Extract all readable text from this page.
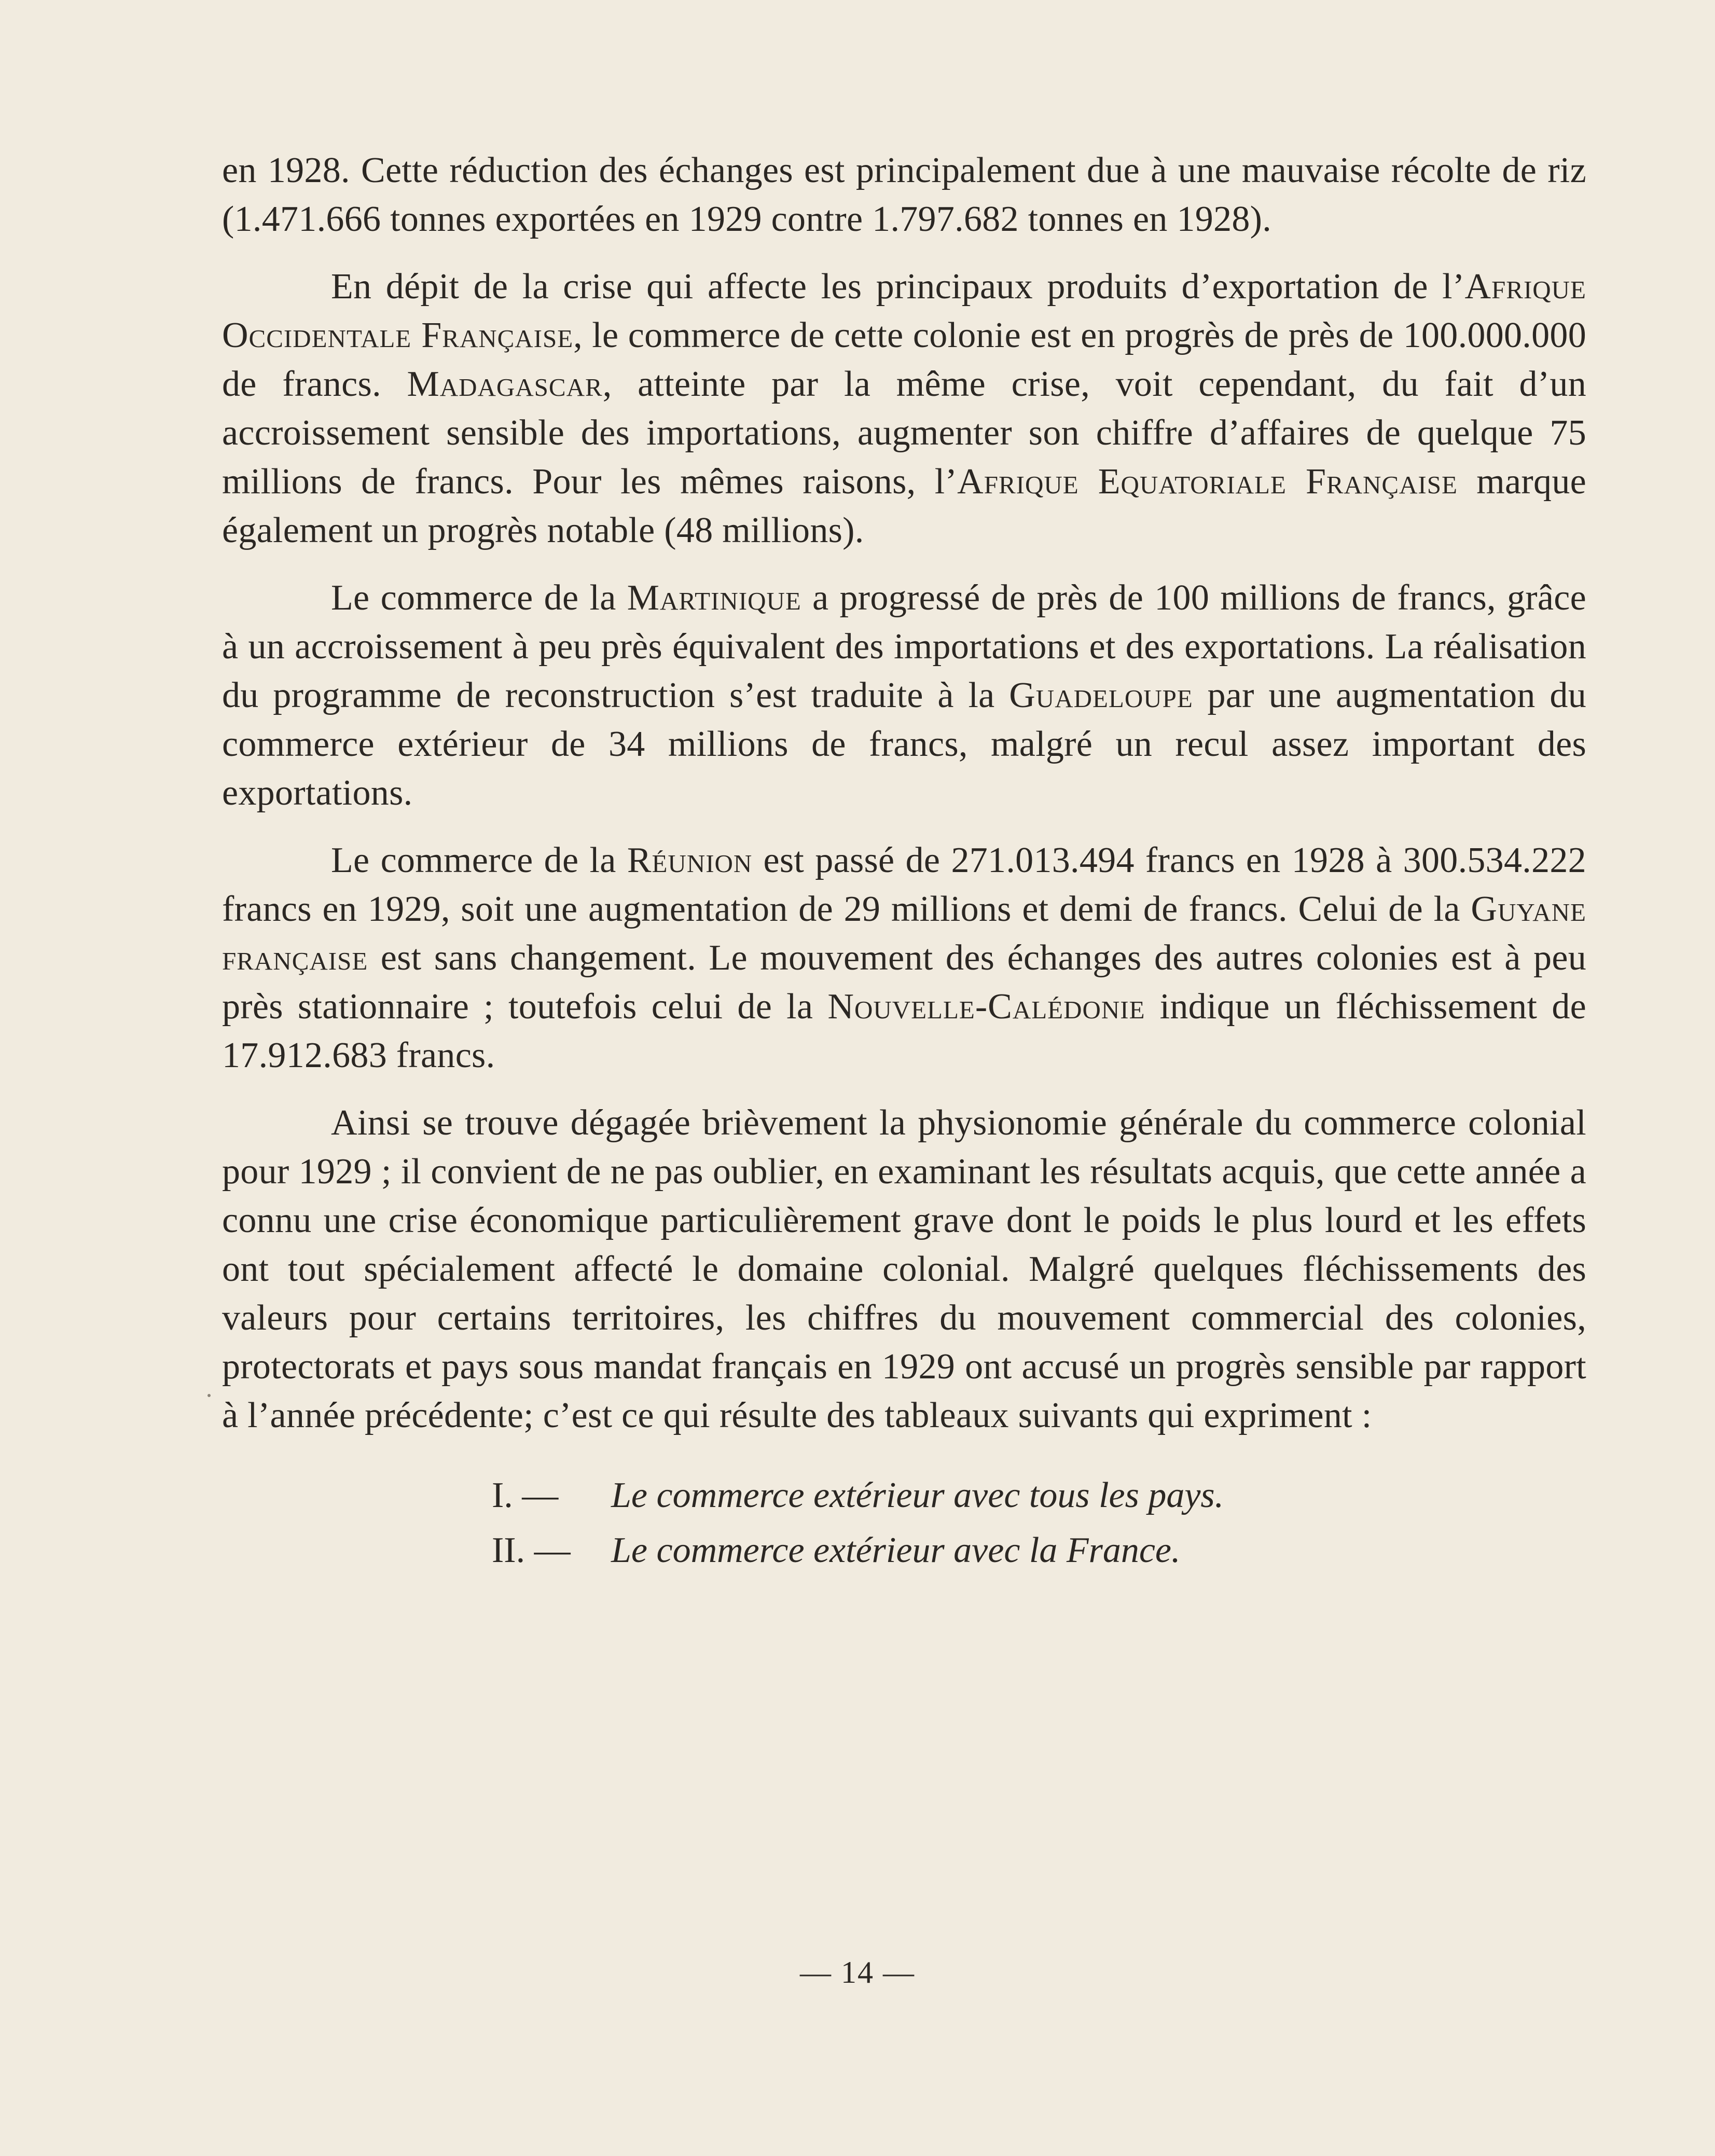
en 1928. Cette réduction des échanges est principalement due à une mauvaise récolte de riz (1.471.666 tonnes exportées en 1929 contre 1.797.682 tonnes en 1928).

En dépit de la crise qui affecte les principaux produits d’exportation de l’Afrique Occidentale Française, le commerce de cette colonie est en progrès de près de 100.000.000 de francs. Madagascar, atteinte par la même crise, voit cependant, du fait d’un accroissement sensible des importations, augmenter son chiffre d’affaires de quelque 75 millions de francs. Pour les mêmes raisons, l’Afrique Equatoriale Française marque également un progrès notable (48 millions).

Le commerce de la Martinique a progressé de près de 100 millions de francs, grâce à un accroissement à peu près équivalent des importations et des exportations. La réalisation du programme de reconstruction s’est traduite à la Guadeloupe par une augmentation du commerce extérieur de 34 millions de francs, malgré un recul assez important des exportations.

Le commerce de la Réunion est passé de 271.013.494 francs en 1928 à 300.534.222 francs en 1929, soit une augmentation de 29 millions et demi de francs. Celui de la Guyane française est sans changement. Le mouvement des échanges des autres colonies est à peu près stationnaire ; toutefois celui de la Nouvelle-Calédonie indique un fléchissement de 17.912.683 francs.

Ainsi se trouve dégagée brièvement la physionomie générale du commerce colonial pour 1929 ; il convient de ne pas oublier, en examinant les résultats acquis, que cette année a connu une crise économique particulièrement grave dont le poids le plus lourd et les effets ont tout spécialement affecté le domaine colonial. Malgré quelques fléchissements des valeurs pour certains territoires, les chiffres du mouvement commercial des colonies, protectorats et pays sous mandat français en 1929 ont accusé un progrès sensible par rapport à l’année précédente; c’est ce qui résulte des tableaux suivants qui expriment :

I. —	Le commerce extérieur avec tous les pays.
II. —	Le commerce extérieur avec la France.
— 14 —
